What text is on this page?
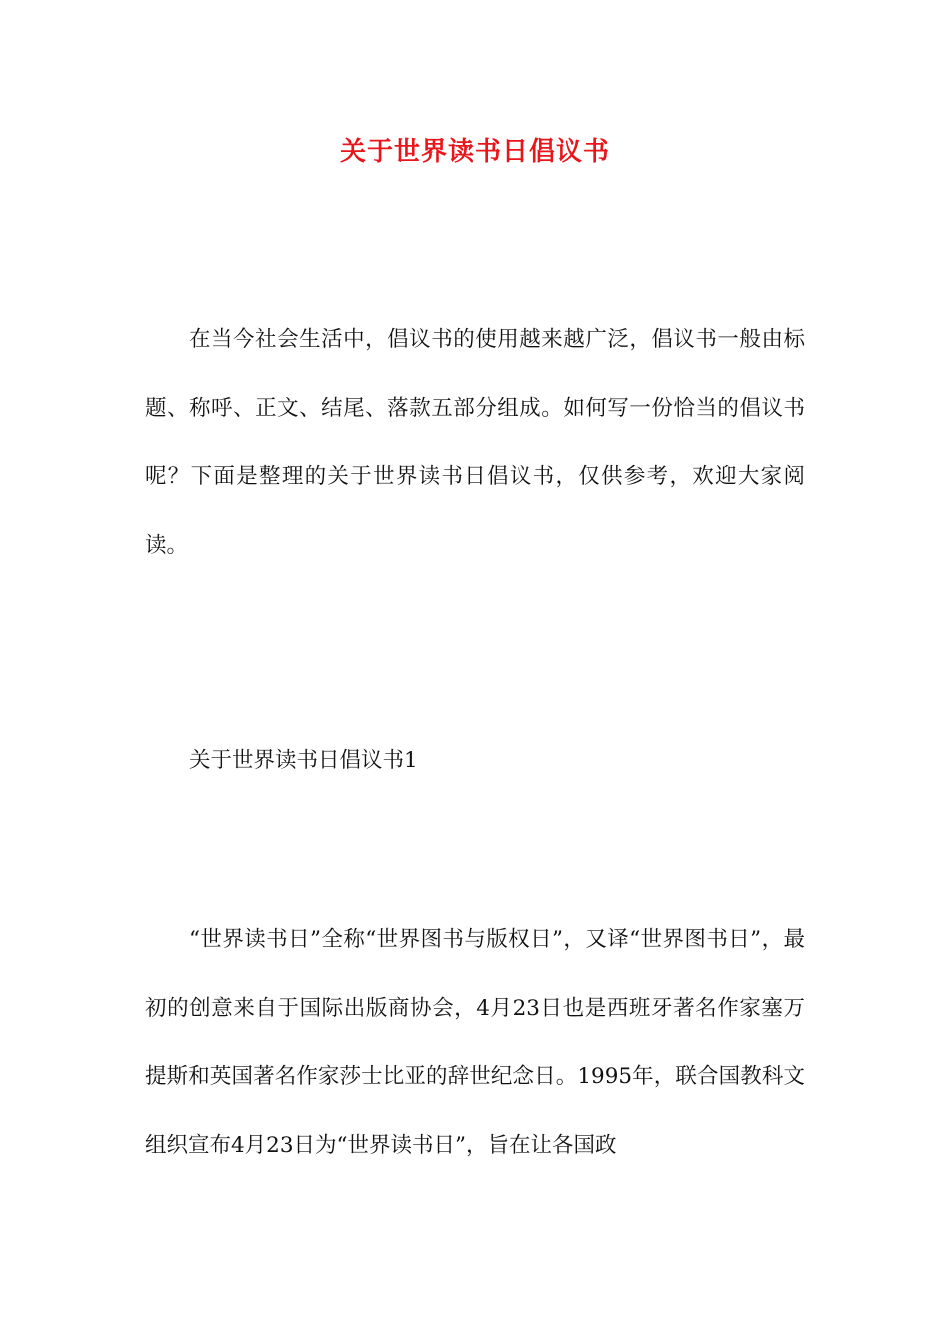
关于世界读书日倡议书

在当今社会生活中，倡议书的使用越来越广泛，倡议书一般由标题、称呼、正文、结尾、落款五部分组成。如何写一份恰当的倡议书呢？下面是整理的关于世界读书日倡议书，仅供参考，欢迎大家阅读。

关于世界读书日倡议书1

“世界读书日”全称“世界图书与版权日”，又译“世界图书日”，最初的创意来自于国际出版商协会，4月23日也是西班牙著名作家塞万提斯和英国著名作家莎士比亚的辞世纪念日。1995年，联合国教科文组织宣布4月23日为“世界读书日”，旨在让各国政
